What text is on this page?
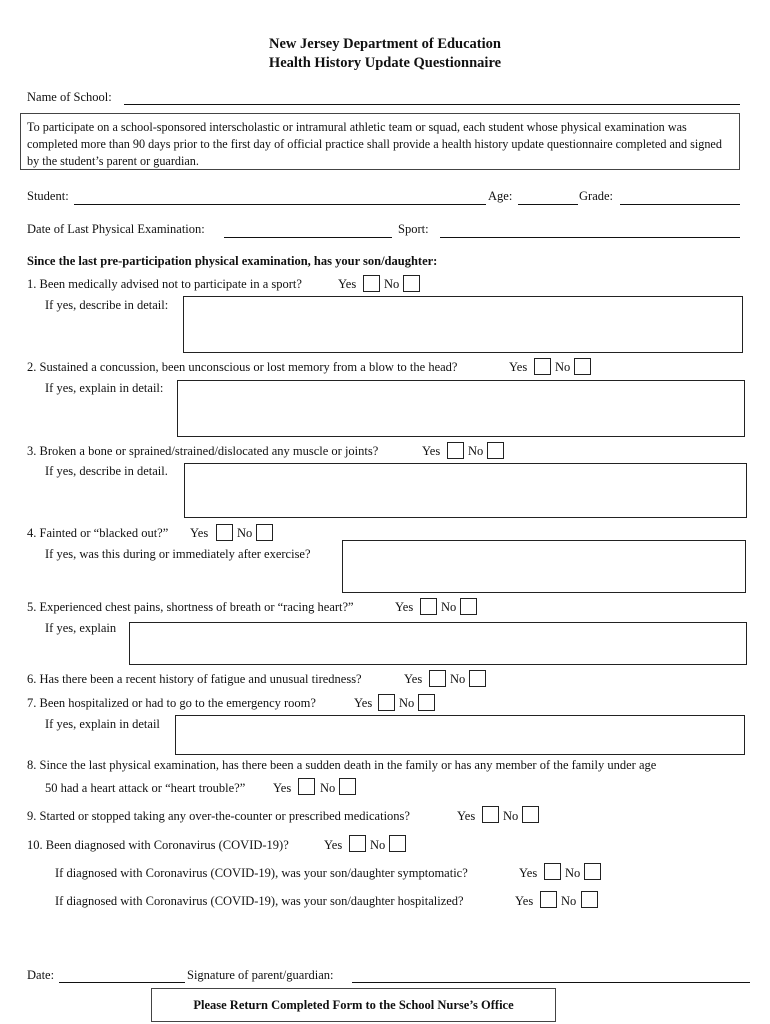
New Jersey Department of Education
Health History Update Questionnaire
Name of School:
To participate on a school-sponsored interscholastic or intramural athletic team or squad, each student whose physical examination was completed more than 90 days prior to the first day of official practice shall provide a health history update questionnaire completed and signed by the student’s parent or guardian.
Student:	Age:	Grade:
Date of Last Physical Examination:	Sport:
Since the last pre-participation physical examination, has your son/daughter:
1. Been medically advised not to participate in a sport?	Yes No
If yes, describe in detail:
2. Sustained a concussion, been unconscious or lost memory from a blow to the head?	Yes No
If yes, explain in detail:
3. Broken a bone or sprained/strained/dislocated any muscle or joints?	Yes No
If yes, describe in detail.
4. Fainted or “blacked out?” Yes No
If yes, was this during or immediately after exercise?
5. Experienced chest pains, shortness of breath or “racing heart?”	Yes No
If yes, explain
6. Has there been a recent history of fatigue and unusual tiredness?	Yes No
7. Been hospitalized or had to go to the emergency room?	Yes No
If yes, explain in detail
8. Since the last physical examination, has there been a sudden death in the family or has any member of the family under age
50 had a heart attack or “heart trouble?” Yes No
9. Started or stopped taking any over-the-counter or prescribed medications?	Yes No
10. Been diagnosed with Coronavirus (COVID-19)?	Yes No
If diagnosed with Coronavirus (COVID-19), was your son/daughter symptomatic?	Yes No
If diagnosed with Coronavirus (COVID-19), was your son/daughter hospitalized?	Yes No
Date:	Signature of parent/guardian:
Please Return Completed Form to the School Nurse’s Office
